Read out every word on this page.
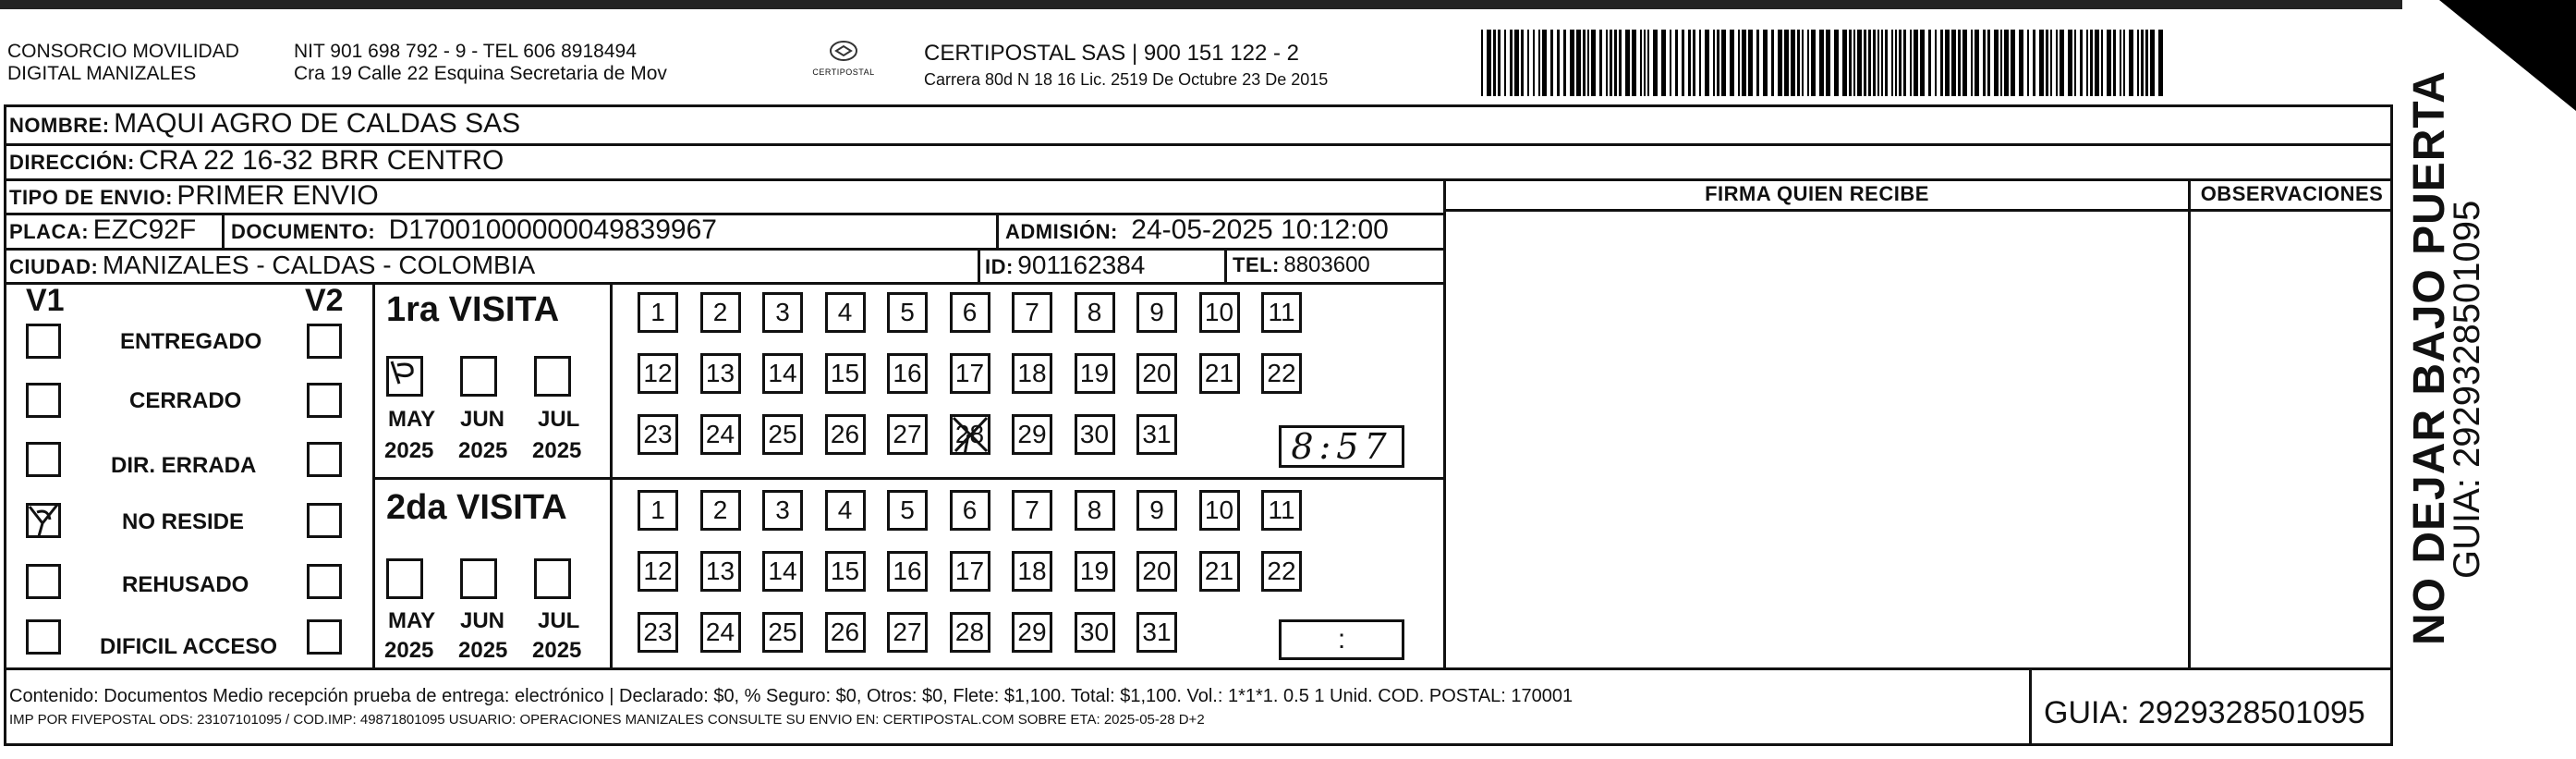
CONSORCIO MOVILIDAD
DIGITAL MANIZALES
NIT 901 698 792 - 9 - TEL 606 8918494
Cra 19 Calle 22 Esquina Secretaria de Mov	CERTIPOSTAL
CERTIPOSTAL SAS | 900 151 122 - 2
Carrera 80d N 18 16 Lic. 2519 De Octubre 23 De 2015
NOMBRE: MAQUI AGRO DE CALDAS SAS
DIRECCIÓN: CRA 22 16-32 BRR CENTRO
TIPO DE ENVIO: PRIMER ENVIO
PLACA: EZC92F DOCUMENTO: D17001000000049839967	ADMISIÓN: 24-05-2025 10:12:00
CIUDAD: MANIZALES - CALDAS - COLOMBIA	ID: 901162384	TEL: 8803600
FIRMA QUIEN RECIBE	OBSERVACIONES
V1	V2
ENTREGADO
CERRADO
DIR. ERRADA
NO RESIDE
REHUSADO
DIFICIL ACCESO
1ra VISITA
MAY JUN JUL
2025 2025 2025
2da VISITA
MAY JUN JUL
2025 2025 2025
8:57
:
Contenido: Documentos Medio recepción prueba de entrega: electrónico | Declarado: $0, % Seguro: $0, Otros: $0, Flete: $1,100. Total: $1,100. Vol.: 1*1*1. 0.5 1 Unid. COD. POSTAL: 170001
IMP POR FIVEPOSTAL ODS: 23107101095 / COD.IMP: 49871801095 USUARIO: OPERACIONES MANIZALES CONSULTE SU ENVIO EN: CERTIPOSTAL.COM SOBRE ETA: 2025-05-28 D+2	GUIA: 2929328501095
NO DEJAR BAJO PUERTA
GUIA: 2929328501095
1	2	3	4	5	6	7	8	9	10 11
12 13 14 15 16 17 18 19 20 21 22
23 24 25 26 27 28 29 30 31
1	2	3	4	5	6	7	8	9	10 11
12 13 14 15 16 17 18 19 20 21 22
23 24 25 26 27 28 29 30 31
